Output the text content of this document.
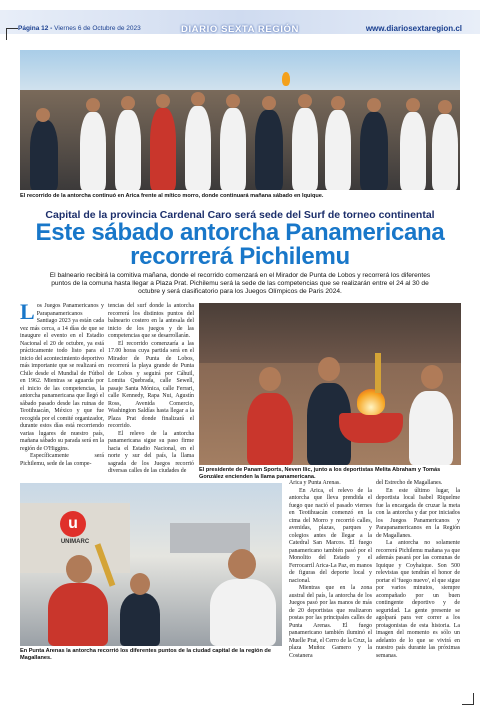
Página 12 - Viernes 6 de Octubre de 2023	DIARIO SEXTA REGIÓN	www.diariosextaregion.cl
El recorrido de la antorcha continuó en Arica frente al mítico morro, donde continuará mañana sábado en Iquique.
Capital de la provincia Cardenal Caro será sede del Surf de torneo continental
Este sábado antorcha Panamericana
recorrerá Pichilemu
El balneario recibirá la comitiva mañana, donde el recorrido comenzará en el Mirador de Punta de Lobos y recorrerá los diferentes puntos de la comuna hasta llegar a Plaza Prat. Pichilemu será la sede de las competencias que se realizarán entre el 24 al 30 de octubre y será clasificatorio para los Juegos Olímpicos de Paris 2024.

Los Juegos Panamericanos y Parapanamericanos Santiago 2023 ya están cada vez más cerca, a 14 días de que se inaugure el evento en el Estadio Nacional el 20 de octubre, ya está prácticamente todo listo para el inicio del acontecimiento deportivo más importante que se realizará en Chile desde el Mundial de Fútbol en 1962. Mientras se aguarda por el inicio de las competencias, la antorcha panamericana que llegó el sábado pasado desde las ruinas de Teotihuacán, México y que fue recogida por el comité organizador, durante estos días está recorriendo varias lugares de nuestro país, mañana sábado su parada será en la región de O'Higgins.

Específicamente será Pichilemu, sede de las compe-

tencias del surf donde la antorcha recorrerá los distintos puntos del balneario costero en la antesala del inicio de los juegos y de las competencias que se desarrollarán.

El recorrido comenzaría a las 17.00 horas cuya partida será en el Mirador de Punta de Lobos, recorrerá la playa grande de Punta de Lobos y seguirá por Cáhuil, Lomita Quebrada, calle Sewell, pasaje Santa Mónica, calle Ferrari, calle Kennedy, Rapa Nui, Agustín Ross, Avenida Comercio, Washington Saldías hasta llegar a la Plaza Prat donde finalizará el recorrido.

El relevo de la antorcha panamericana sigue su paso firme hacia el Estadio Nacional, en el norte y sur del país, la llama sagrada de los Juegos recorrió diversas calles de las ciudades de	El presidente de Panam Sports, Neven Ilic, junto a los deportistas Melita Abraham y Tomás González encienden la llama panamericana.
u
UNIMARC
En Punta Arenas la antorcha recorrió los diferentes puntos de la ciudad capital de la región de Magallanes.

Arica y Punta Arenas.

En Arica, el relevo de la antorcha que lleva prendida el fuego que nació el pasado viernes en Teotihuacán comenzó en la cima del Morro y recorrió calles, avenidas, plazas, parques y colegios antes de llegar a la Catedral San Marcos. El fuego panamericano también pasó por el Monolito del Estado y el Ferrocarril Arica-La Paz, en manos de figuras del deporte local y nacional.

Mientras que en la zona austral del país, la antorcha de los Juegos pasó por las manos de más de 20 deportistas que realizaron postas por las principales calles de Punta Arenas. El fuego panamericano también iluminó el Muelle Prat, el Cerro de la Cruz, la plaza Muñoz Gamero y la Costanera

del Estrecho de Magallanes.

En este último lugar, la deportista local Isabel Riquelme fue la encargada de cruzar la meta con la antorcha y dar por iniciados los Juegos Panamericanos y Parapanamericanos en la Región de Magallanes.

La antorcha no solamente recorrerá Pichilemu mañana ya que además pasará por las comunas de Iquique y Coyhaique. Son 500 relevistas que tendrán el honor de portar el 'fuego nuevo', el que sigue por varios minutos, siempre acompañado por un buen contingente deportivo y de seguridad. La gente presente se agolpará para ver correr a los protagonistas de esta historia. La imagen del momento es sólo un adelanto de lo que se vivirá en nuestro país durante las próximas semanas.
